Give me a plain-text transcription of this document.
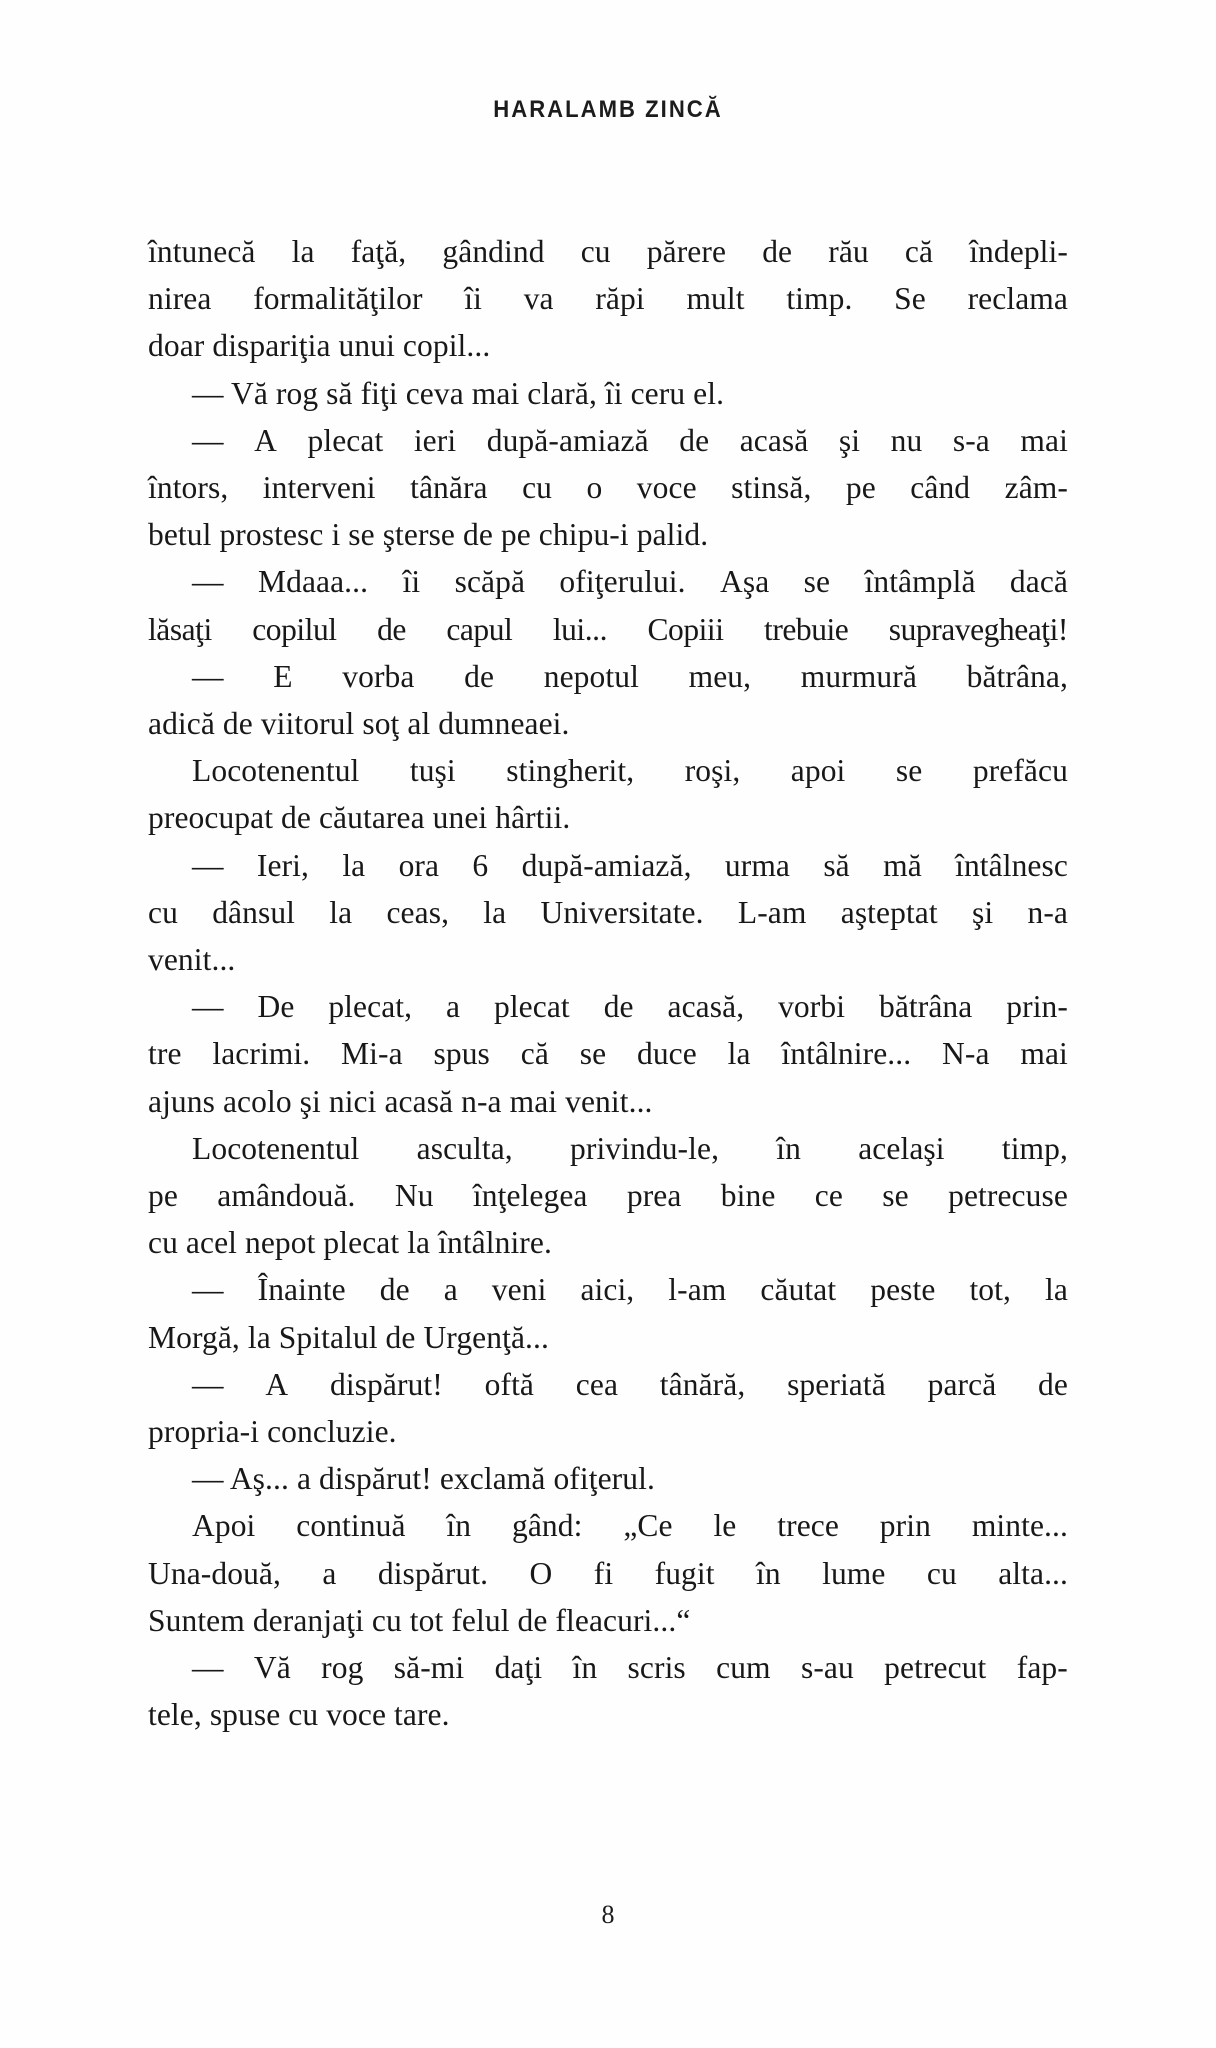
HARALAMB ZINCĂ
întunecă la faţă, gândind cu părere de rău că îndepli-
nirea formalităţilor îi va răpi mult timp. Se reclama
doar dispariţia unui copil...
— Vă rog să fiţi ceva mai clară, îi ceru el.
— A plecat ieri după-amiază de acasă şi nu s-a mai
întors, interveni tânăra cu o voce stinsă, pe când zâm-
betul prostesc i se şterse de pe chipu-i palid.
— Mdaaa... îi scăpă ofiţerului. Aşa se întâmplă dacă
lăsaţi copilul de capul lui... Copiii trebuie supravegheaţi!
— E vorba de nepotul meu, murmură bătrâna,
adică de viitorul soţ al dumneaei.
Locotenentul tuşi stingherit, roşi, apoi se prefăcu
preocupat de căutarea unei hârtii.
— Ieri, la ora 6 după-amiază, urma să mă întâlnesc
cu dânsul la ceas, la Universitate. L-am aşteptat şi n-a
venit...
— De plecat, a plecat de acasă, vorbi bătrâna prin-
tre lacrimi. Mi-a spus că se duce la întâlnire... N-a mai
ajuns acolo şi nici acasă n-a mai venit...
Locotenentul asculta, privindu-le, în acelaşi timp,
pe amândouă. Nu înţelegea prea bine ce se petrecuse
cu acel nepot plecat la întâlnire.
— Înainte de a veni aici, l-am căutat peste tot, la
Morgă, la Spitalul de Urgenţă...
— A dispărut! oftă cea tânără, speriată parcă de
propria-i concluzie.
— Aş... a dispărut! exclamă ofiţerul.
Apoi continuă în gând: „Ce le trece prin minte...
Una-două, a dispărut. O fi fugit în lume cu alta...
Suntem deranjaţi cu tot felul de fleacuri...“
— Vă rog să-mi daţi în scris cum s-au petrecut fap-
tele, spuse cu voce tare.
8
